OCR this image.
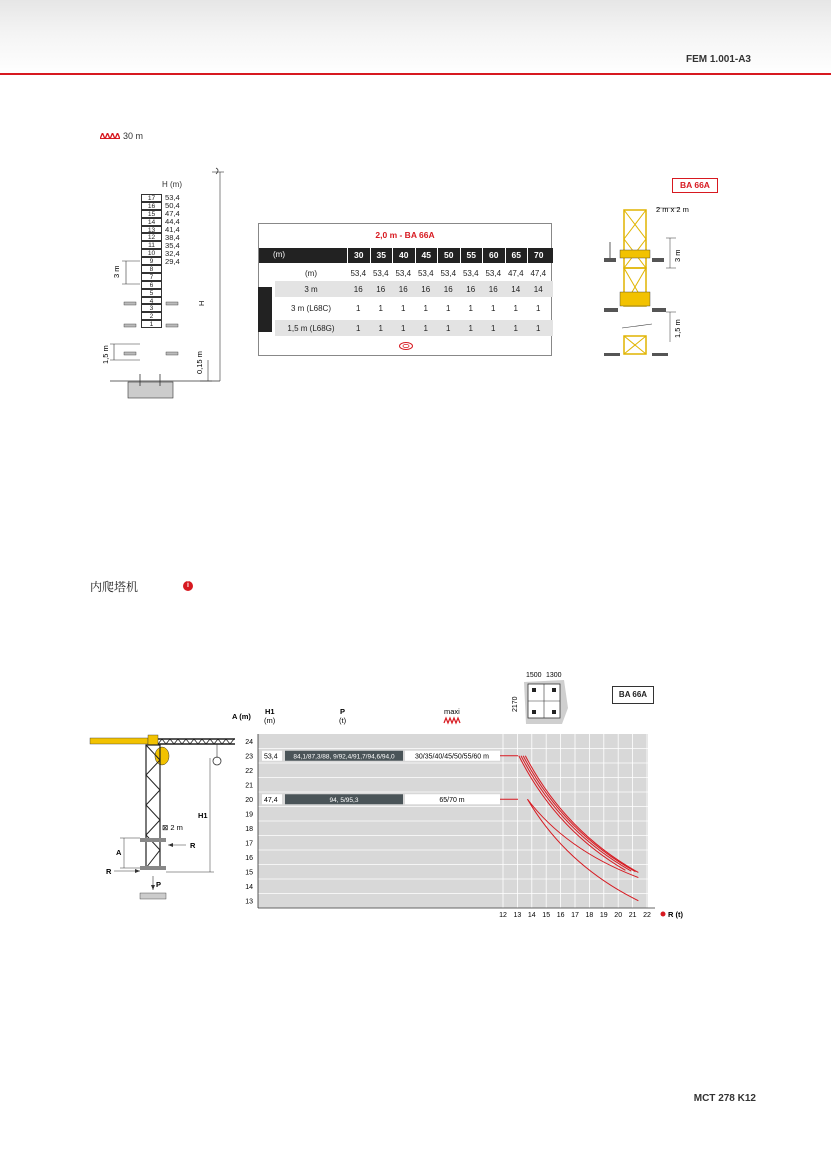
FEM 1.001-A3
30 m
H
3 m
1,5 m	0,15 m
H (m)
17	53,4
16	50,4
15	47,4
14	44,4
13	41,4
12	38,4
11	35,4
10	32,4
9	29,4
8
7
6
5
4
3
2
1
2,0 m - BA 66A
(m)	30	35	40	45	50	55	60	65	70
(m)	53,4 53,4 53,4 53,4 53,4 53,4 53,4 47,4 47,4
3 m	16	16	16	16	16	16	16	14	14
3 m (L68C)	1	1	1	1	1	1	1	1	1
1,5 m (L68G)	1	1	1	1	1	1	1	1	1
BA 66A
2 m x 2 m
3 m
1,5 m
内爬塔机	i
1500 1300
2170
BA 66A
H1
A
R
R
P
⊠ 2 m
A (m)
H1
(m)
P
(t)
maxi
24
23
22
21
20
19
18
17
16
15
14
13
12 13 14 15 16 17 18 19 20 21 22 R (t)
53,4 84,1/87,3/88, 9/92,4/91,7/94,6/94,0	30/35/40/45/50/55/60 m
47,4	94, 5/95,3	65/70 m
MCT 278 K12
